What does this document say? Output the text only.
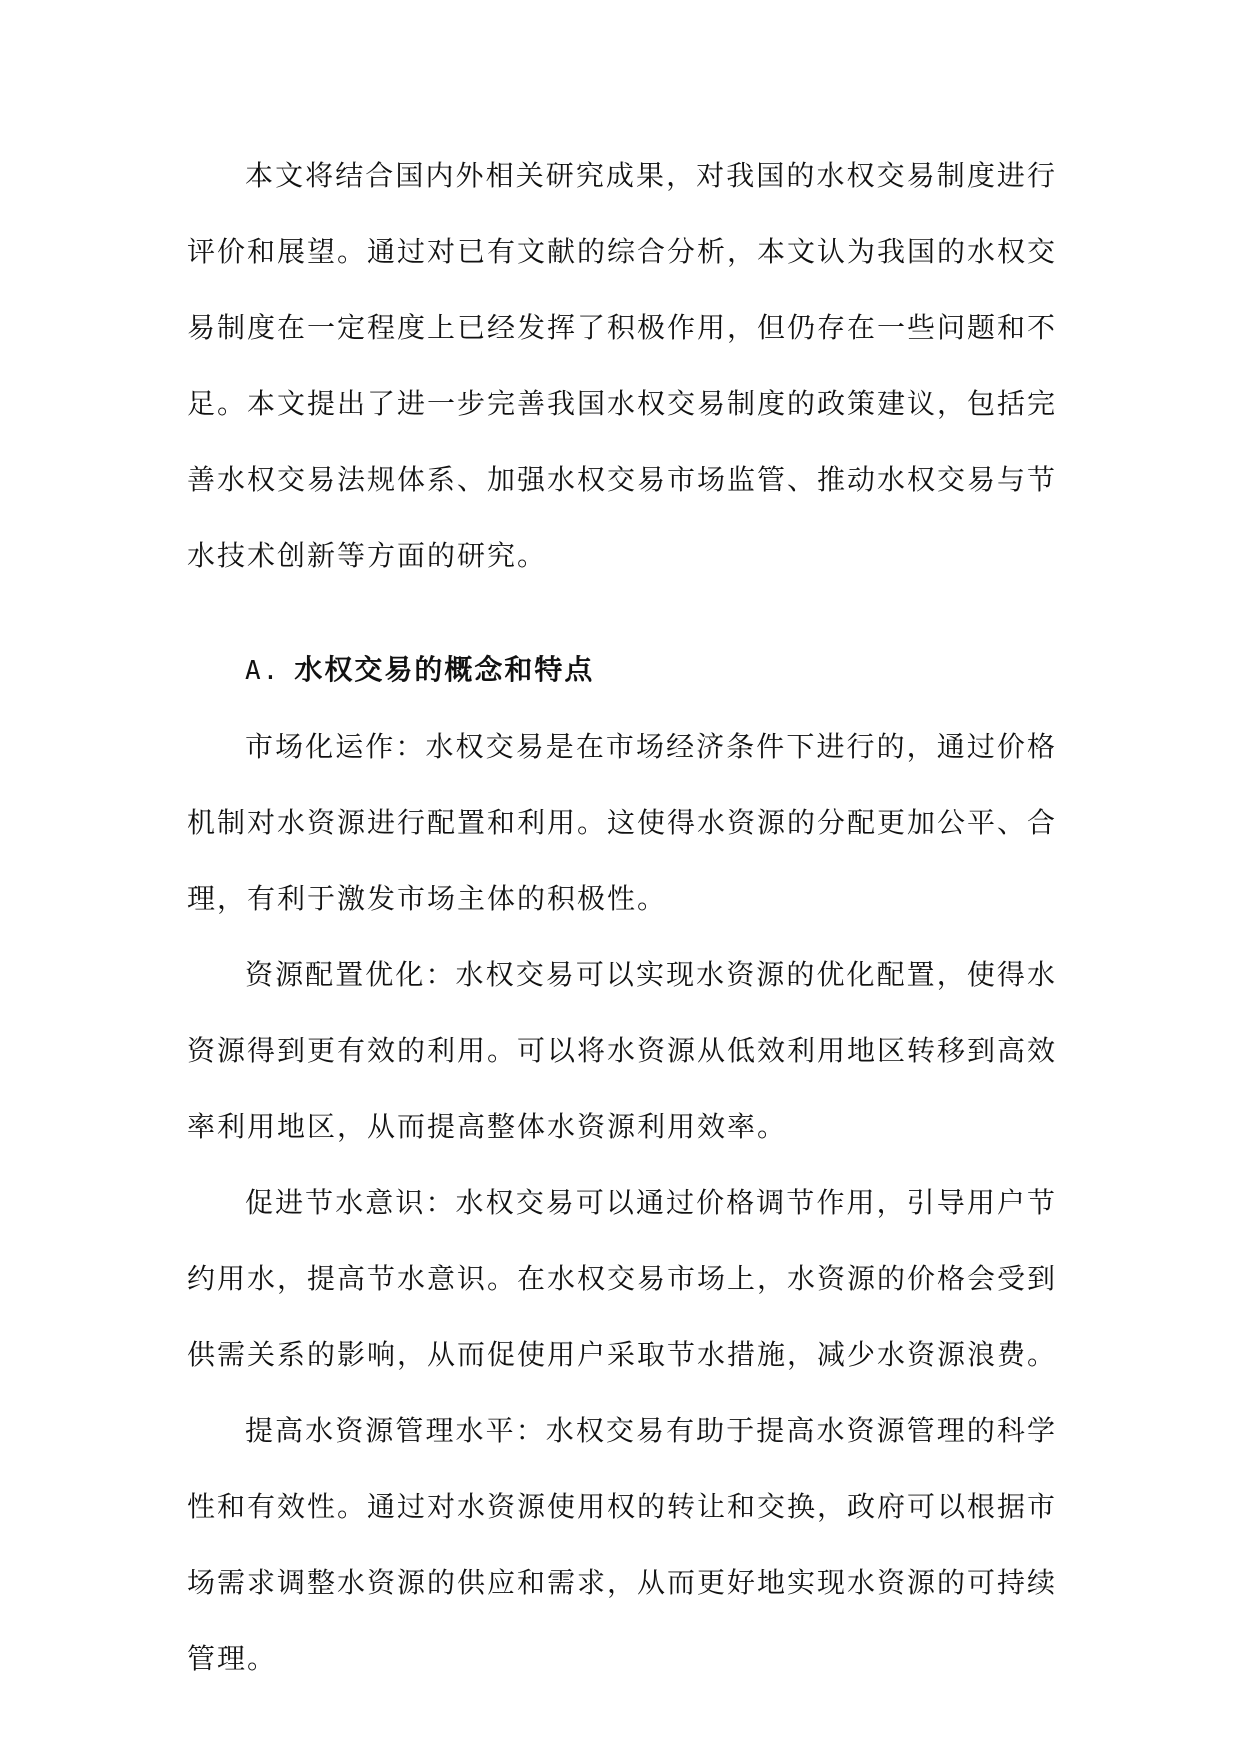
本文将结合国内外相关研究成果，对我国的水权交易制度进行评价和展望。通过对已有文献的综合分析，本文认为我国的水权交易制度在一定程度上已经发挥了积极作用，但仍存在一些问题和不足。本文提出了进一步完善我国水权交易制度的政策建议，包括完善水权交易法规体系、加强水权交易市场监管、推动水权交易与节水技术创新等方面的研究。

A. 水权交易的概念和特点

市场化运作：水权交易是在市场经济条件下进行的，通过价格机制对水资源进行配置和利用。这使得水资源的分配更加公平、合理，有利于激发市场主体的积极性。

资源配置优化：水权交易可以实现水资源的优化配置，使得水资源得到更有效的利用。可以将水资源从低效利用地区转移到高效率利用地区，从而提高整体水资源利用效率。

促进节水意识：水权交易可以通过价格调节作用，引导用户节约用水，提高节水意识。在水权交易市场上，水资源的价格会受到供需关系的影响，从而促使用户采取节水措施，减少水资源浪费。

提高水资源管理水平：水权交易有助于提高水资源管理的科学性和有效性。通过对水资源使用权的转让和交换，政府可以根据市场需求调整水资源的供应和需求，从而更好地实现水资源的可持续管理。
